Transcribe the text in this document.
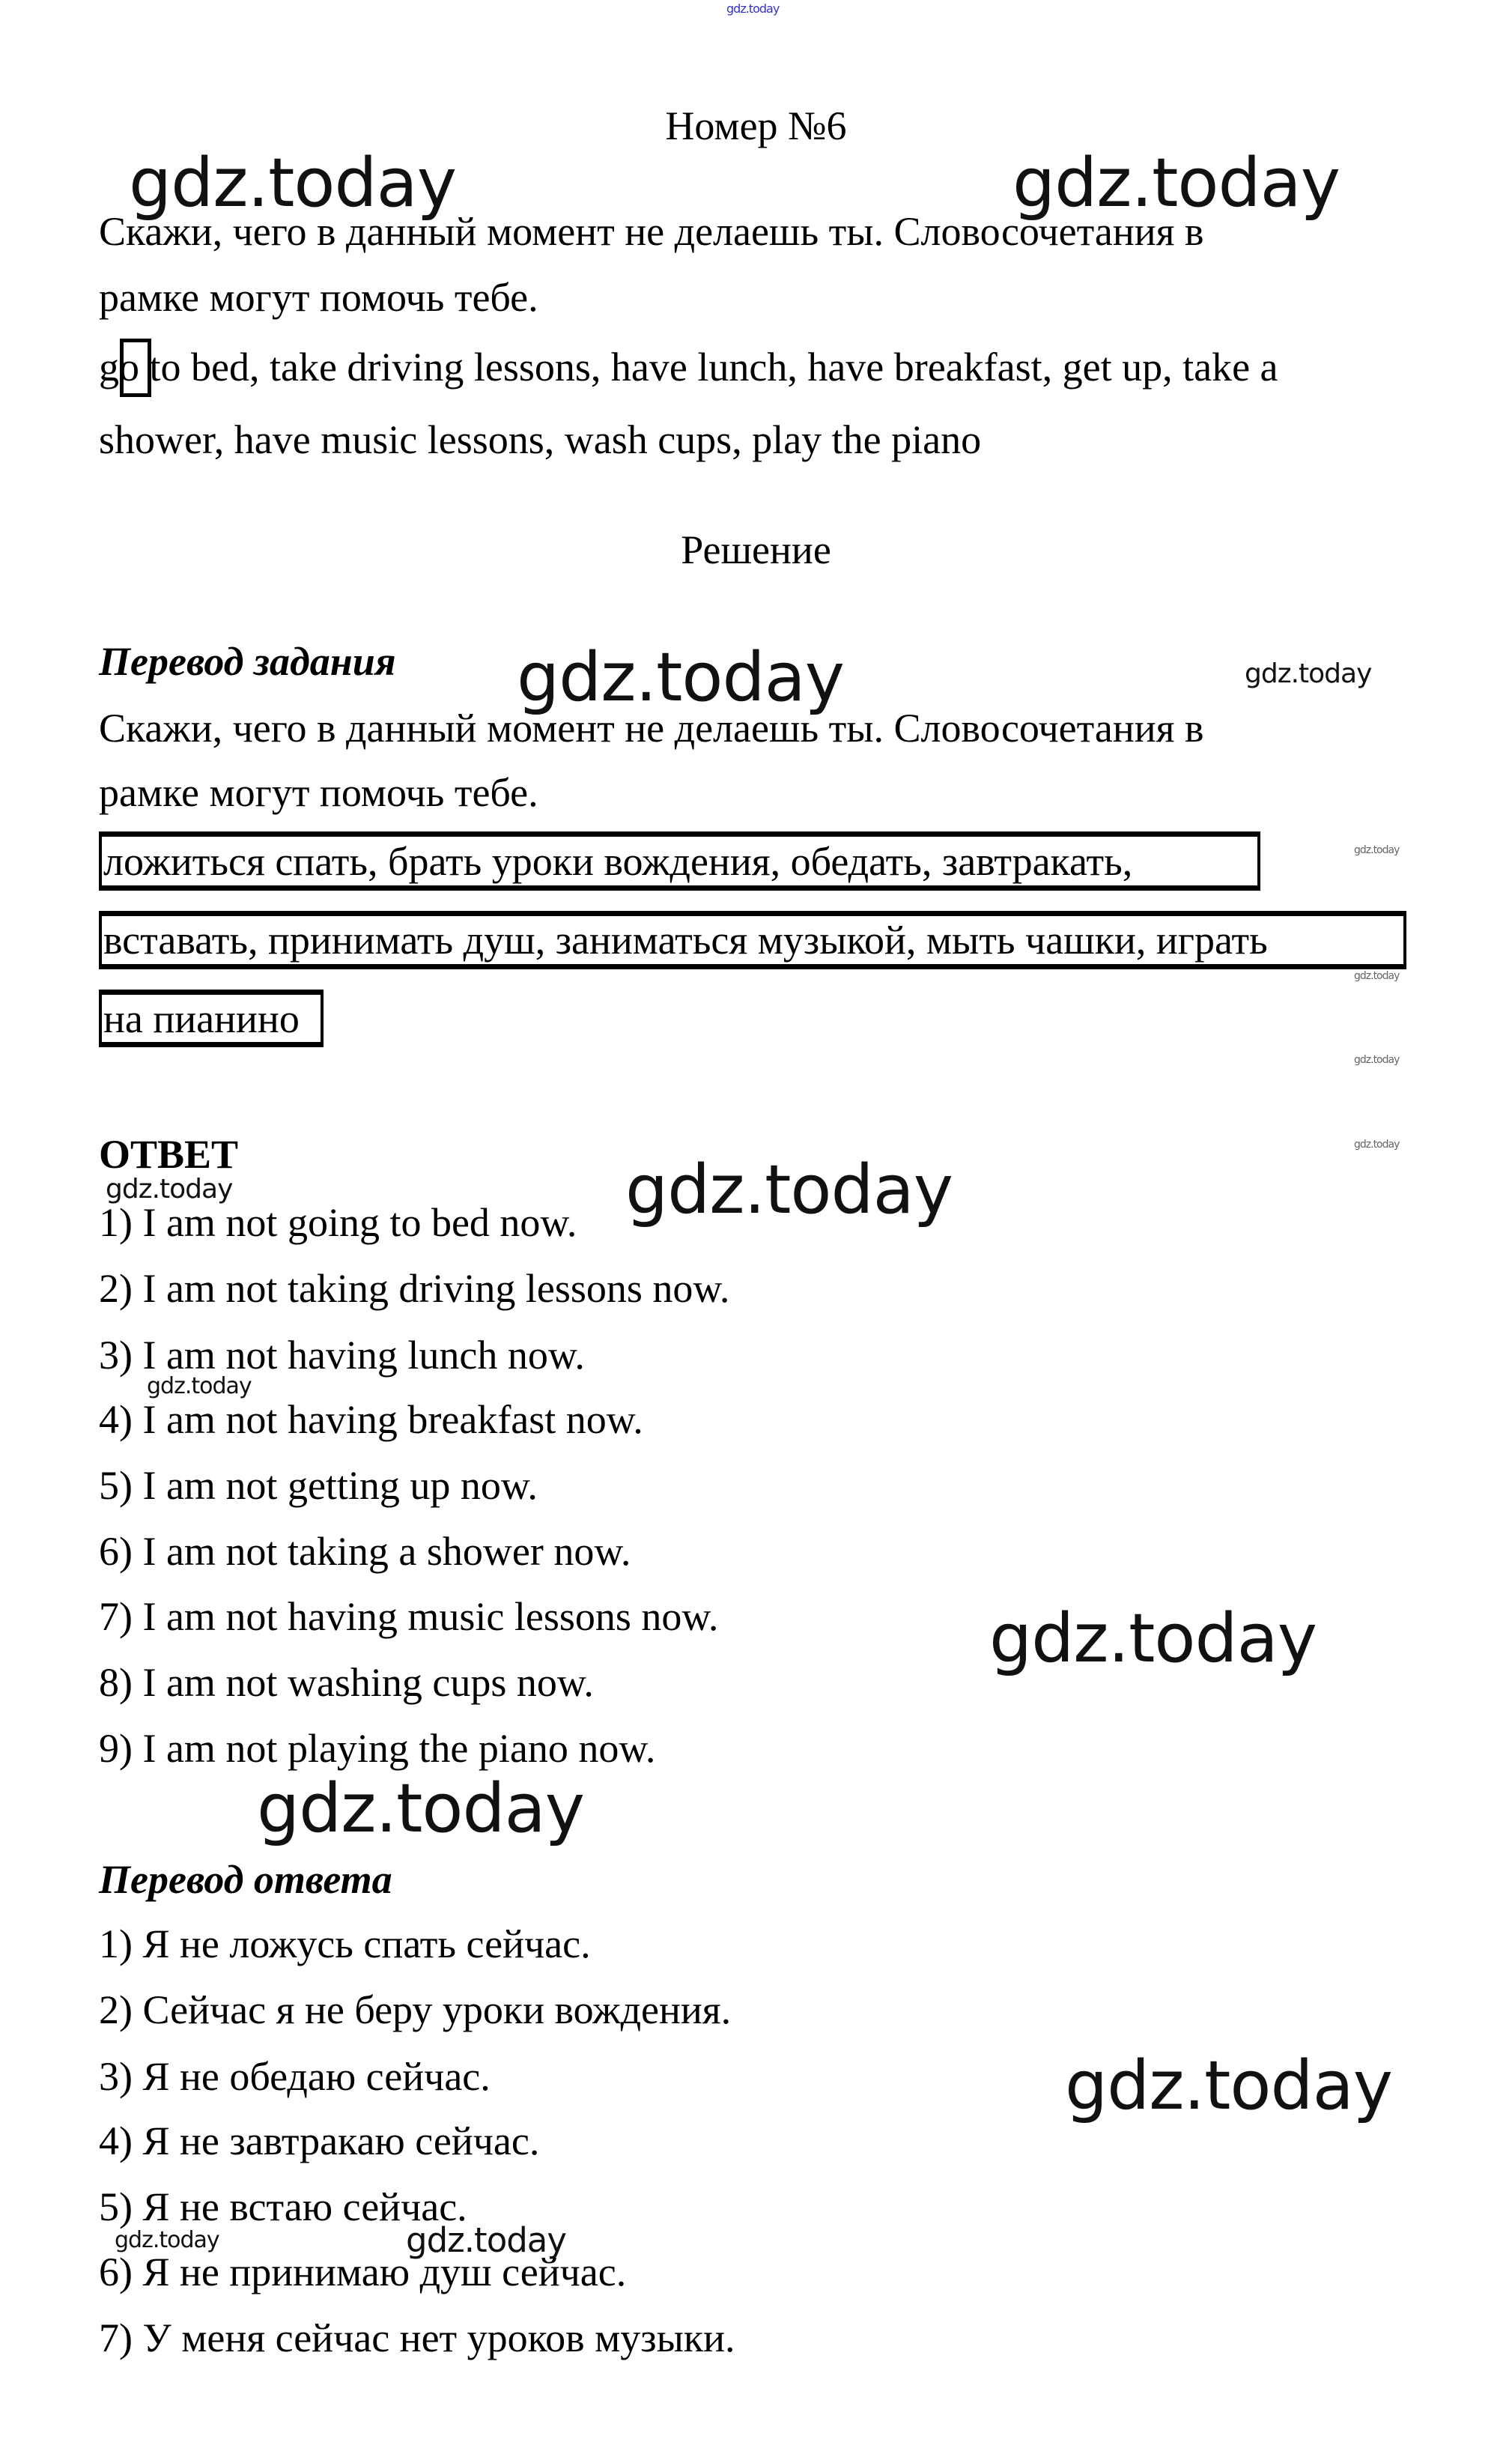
gdz.today
gdz.today	gdz.today
gdz.today
gdz.today
gdz.today
gdz.today
gdz.today
gdz.today
gdz.today
gdz.today
gdz.today	gdz.today
gdz.today
gdz.today
gdz.today
gdz.today
Номер №6
Скажи, чего в данный момент не делаешь ты. Словосочетания в
рамке могут помочь тебе.
go to bed, take driving lessons, have lunch, have breakfast, get up, take a
shower, have music lessons, wash cups, play the piano
Решение
Перевод задания
Скажи, чего в данный момент не делаешь ты. Словосочетания в
рамке могут помочь тебе.
ложиться спать, брать уроки вождения, обедать, завтракать,
вставать, принимать душ, заниматься музыкой, мыть чашки, играть
на пианино
ОТВЕТ
1) I am not going to bed now.
2) I am not taking driving lessons now.
3) I am not having lunch now.
4) I am not having breakfast now.
5) I am not getting up now.
6) I am not taking a shower now.
7) I am not having music lessons now.
8) I am not washing cups now.
9) I am not playing the piano now.
Перевод ответа
1) Я не ложусь спать сейчас.
2) Сейчас я не беру уроки вождения.
3) Я не обедаю сейчас.
4) Я не завтракаю сейчас.
5) Я не встаю сейчас.
6) Я не принимаю душ сейчас.
7) У меня сейчас нет уроков музыки.
